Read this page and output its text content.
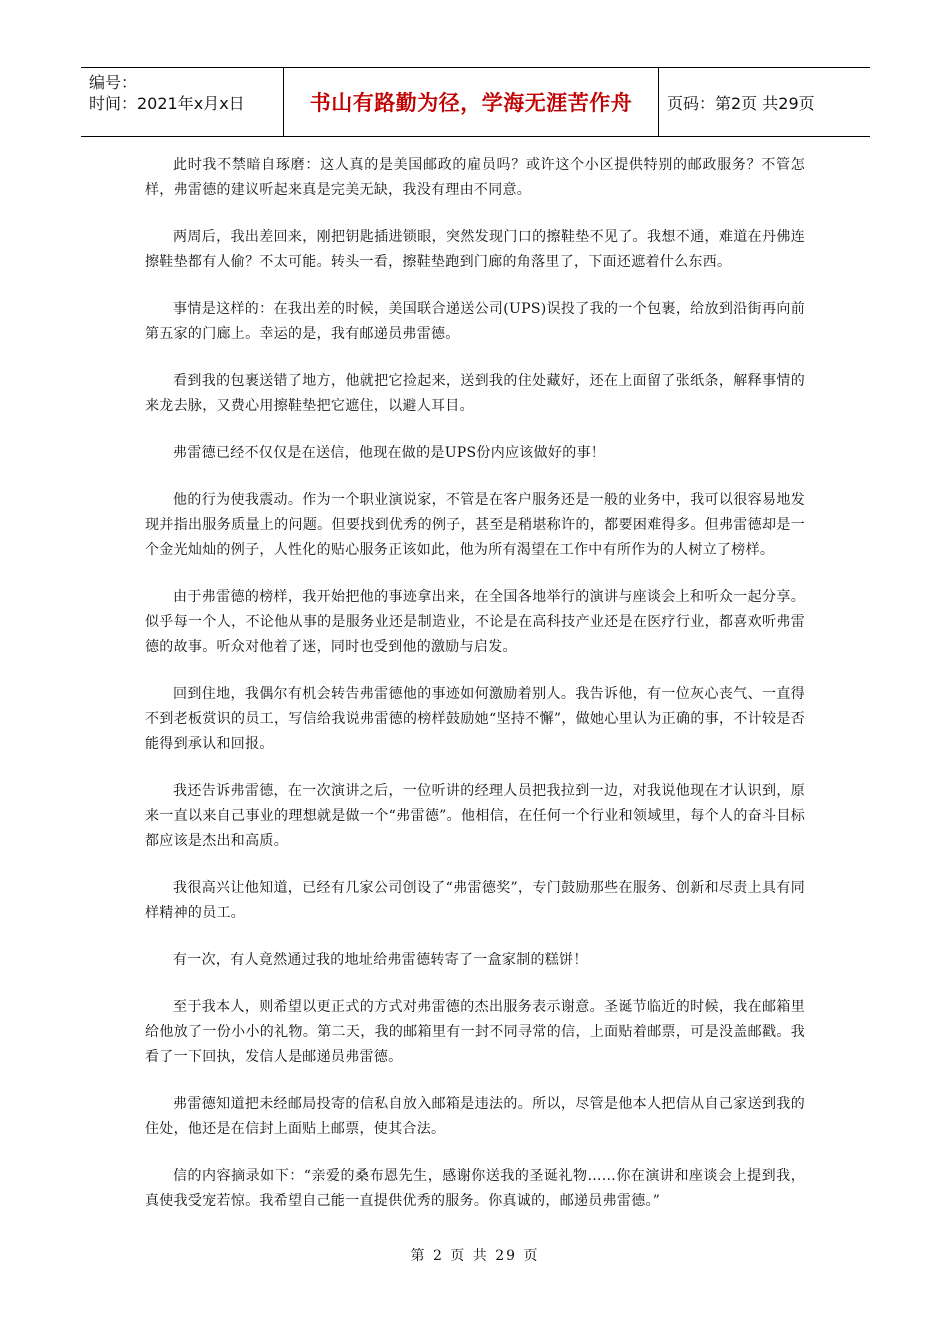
编号：
时间：2021年x月x日	书山有路勤为径，学海无涯苦作舟	页码：第2页 共29页

此时我不禁暗自琢磨：这人真的是美国邮政的雇员吗？或许这个小区提供特别的邮政服务？不管怎样，弗雷德的建议听起来真是完美无缺，我没有理由不同意。

两周后，我出差回来，刚把钥匙插进锁眼，突然发现门口的擦鞋垫不见了。我想不通，难道在丹佛连擦鞋垫都有人偷？不太可能。转头一看，擦鞋垫跑到门廊的角落里了，下面还遮着什么东西。

事情是这样的：在我出差的时候，美国联合递送公司(UPS)误投了我的一个包裹，给放到沿街再向前第五家的门廊上。幸运的是，我有邮递员弗雷德。

看到我的包裹送错了地方，他就把它捡起来，送到我的住处藏好，还在上面留了张纸条，解释事情的来龙去脉，又费心用擦鞋垫把它遮住，以避人耳目。

弗雷德已经不仅仅是在送信，他现在做的是UPS份内应该做好的事！

他的行为使我震动。作为一个职业演说家，不管是在客户服务还是一般的业务中，我可以很容易地发现并指出服务质量上的问题。但要找到优秀的例子，甚至是稍堪称许的，都要困难得多。但弗雷德却是一个金光灿灿的例子，人性化的贴心服务正该如此，他为所有渴望在工作中有所作为的人树立了榜样。

由于弗雷德的榜样，我开始把他的事迹拿出来，在全国各地举行的演讲与座谈会上和听众一起分享。似乎每一个人，不论他从事的是服务业还是制造业，不论是在高科技产业还是在医疗行业，都喜欢听弗雷德的故事。听众对他着了迷，同时也受到他的激励与启发。

回到住地，我偶尔有机会转告弗雷德他的事迹如何激励着别人。我告诉他，有一位灰心丧气、一直得不到老板赏识的员工，写信给我说弗雷德的榜样鼓励她“坚持不懈”，做她心里认为正确的事，不计较是否能得到承认和回报。

我还告诉弗雷德，在一次演讲之后，一位听讲的经理人员把我拉到一边，对我说他现在才认识到，原来一直以来自己事业的理想就是做一个“弗雷德”。他相信，在任何一个行业和领域里，每个人的奋斗目标都应该是杰出和高质。

我很高兴让他知道，已经有几家公司创设了“弗雷德奖”，专门鼓励那些在服务、创新和尽责上具有同样精神的员工。

有一次，有人竟然通过我的地址给弗雷德转寄了一盒家制的糕饼！

至于我本人，则希望以更正式的方式对弗雷德的杰出服务表示谢意。圣诞节临近的时候，我在邮箱里给他放了一份小小的礼物。第二天，我的邮箱里有一封不同寻常的信，上面贴着邮票，可是没盖邮戳。我看了一下回执，发信人是邮递员弗雷德。

弗雷德知道把未经邮局投寄的信私自放入邮箱是违法的。所以，尽管是他本人把信从自己家送到我的住处，他还是在信封上面贴上邮票，使其合法。

信的内容摘录如下：“亲爱的桑布恩先生，感谢你送我的圣诞礼物……你在演讲和座谈会上提到我，真使我受宠若惊。我希望自己能一直提供优秀的服务。你真诚的，邮递员弗雷德。”

第 2 页 共 29 页
